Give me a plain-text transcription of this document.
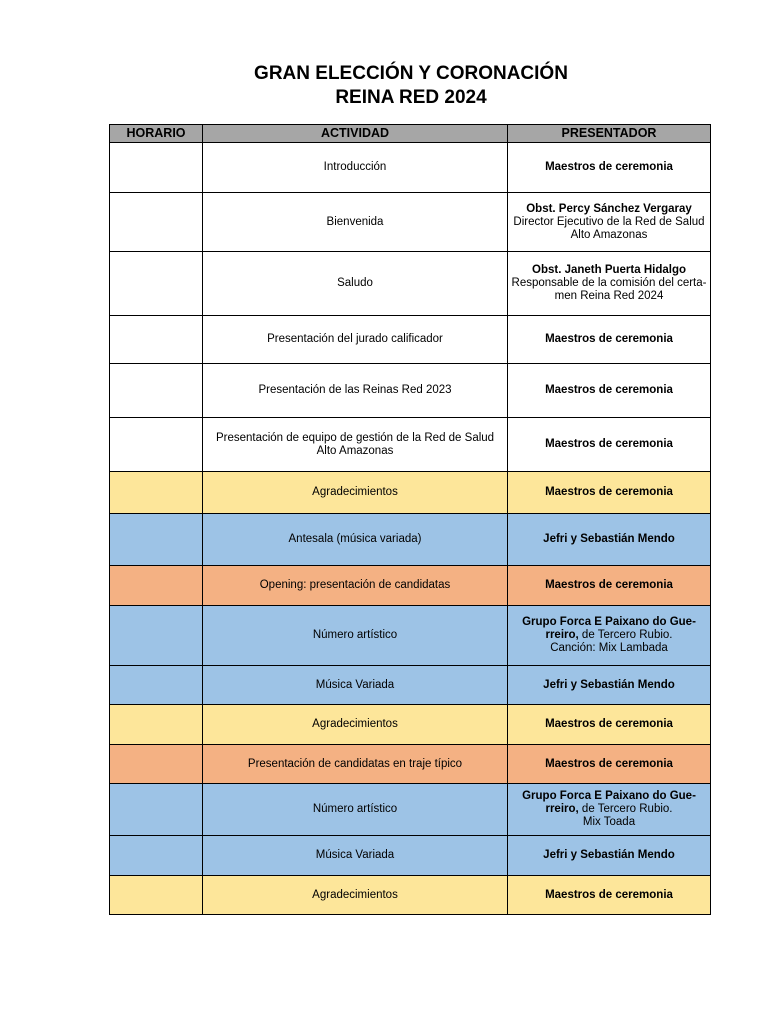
GRAN ELECCIÓN Y CORONACIÓN
REINA RED 2024
HORARIO	ACTIVIDAD	PRESENTADOR
	Introducción	Maestros de ceremonia

	Bienvenida	Obst. Percy Sánchez Vergaray
Director Ejecutivo de la Red de Salud Alto Amazonas

	Saludo	Obst. Janeth Puerta Hidalgo
Responsable de la comisión del certa-men Reina Red 2024

	Presentación del jurado calificador	Maestros de ceremonia

	Presentación de las Reinas Red 2023	Maestros de ceremonia

	Presentación de equipo de gestión de la Red de Salud Alto Amazonas	Maestros de ceremonia

	Agradecimientos	Maestros de ceremonia

	Antesala (música variada)	Jefri y Sebastián Mendo

	Opening: presentación de candidatas	Maestros de ceremonia

	Número artístico	Grupo Forca E Paixano do Gue-rreiro, de Tercero Rubio.
Canción: Mix Lambada

	Música Variada	Jefri y Sebastián Mendo

	Agradecimientos	Maestros de ceremonia

	Presentación de candidatas en traje típico	Maestros de ceremonia

	Número artístico	Grupo Forca E Paixano do Gue-rreiro, de Tercero Rubio.
Mix Toada

	Música Variada	Jefri y Sebastián Mendo

	Agradecimientos	Maestros de ceremonia
